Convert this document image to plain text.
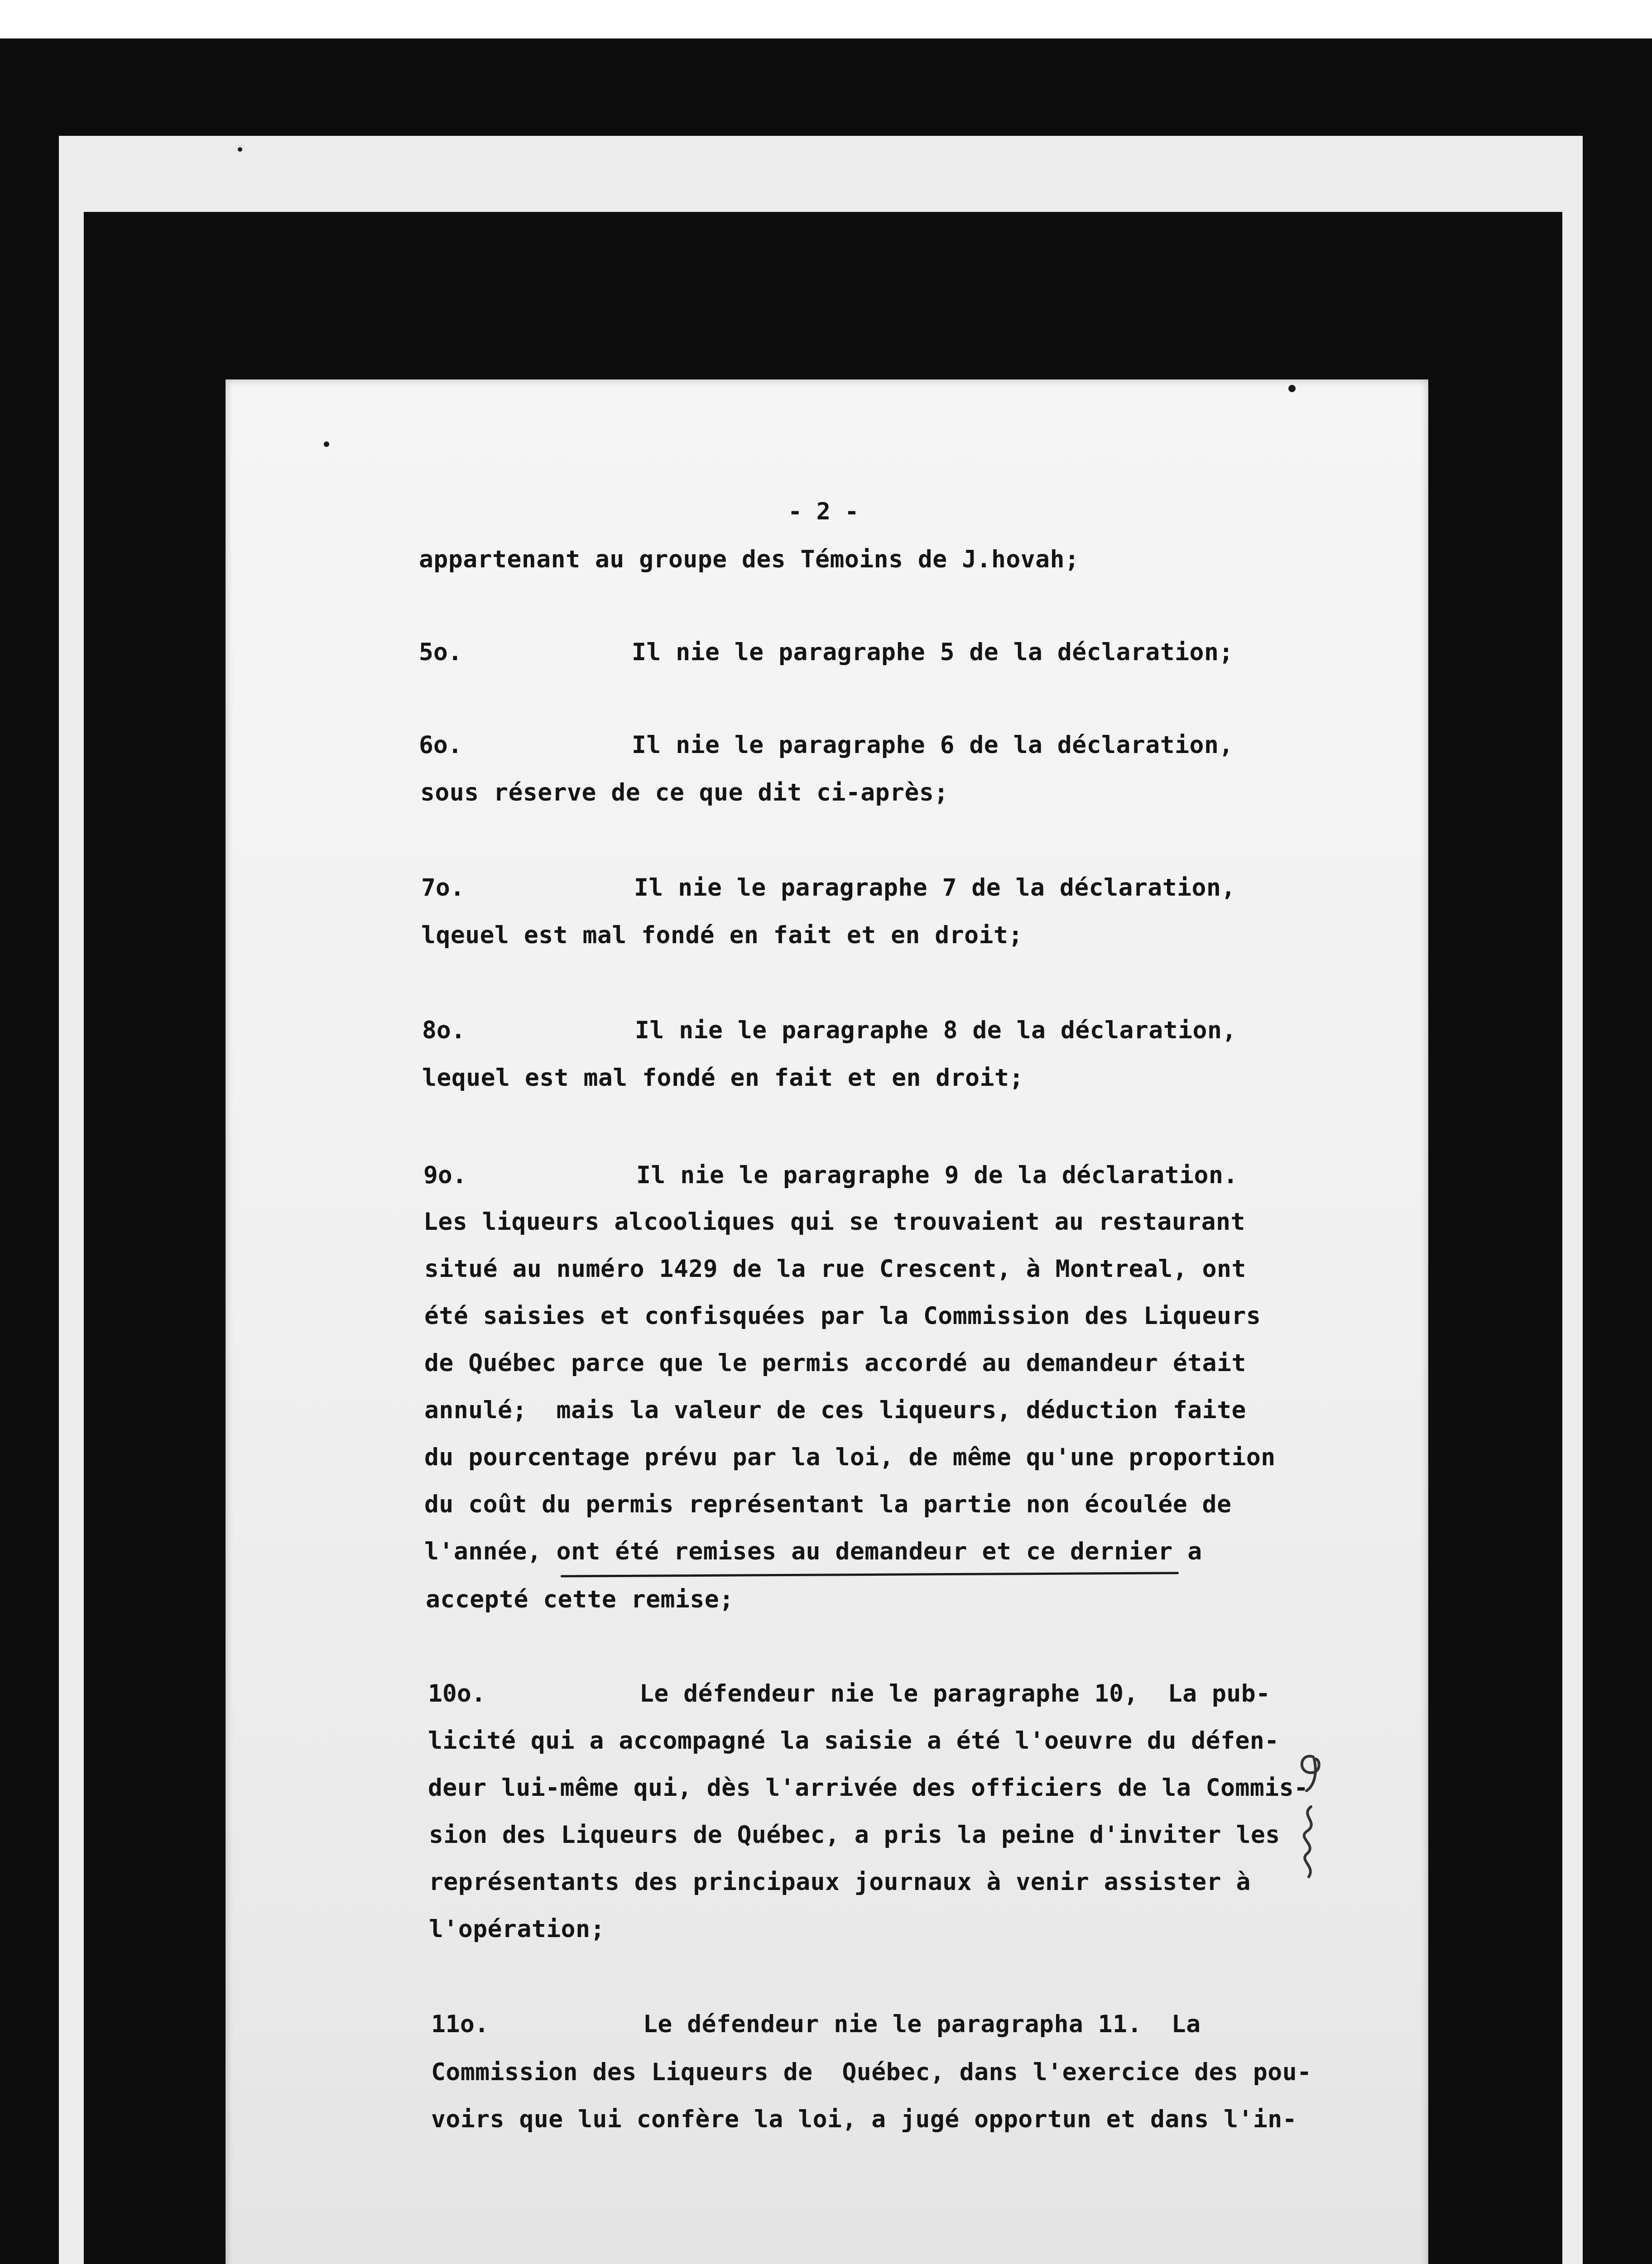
- 2 -
appartenant au groupe des Témoins de J.hovah;
5o.	Il nie le paragraphe 5 de la déclaration;
6o.	Il nie le paragraphe 6 de la déclaration,
sous réserve de ce que dit ci-après;
7o.	Il nie le paragraphe 7 de la déclaration,
lqeuel est mal fondé en fait et en droit;
8o.	Il nie le paragraphe 8 de la déclaration,
lequel est mal fondé en fait et en droit;
9o.	Il nie le paragraphe 9 de la déclaration.
Les liqueurs alcooliques qui se trouvaient au restaurant
situé au numéro 1429 de la rue Crescent, à Montreal, ont
été saisies et confisquées par la Commission des Liqueurs
de Québec parce que le permis accordé au demandeur était
annulé;  mais la valeur de ces liqueurs, déduction faite
du pourcentage prévu par la loi, de même qu'une proportion
du coût du permis représentant la partie non écoulée de
l'année, ont été remises au demandeur et ce dernier a
accepté cette remise;
10o.	Le défendeur nie le paragraphe 10,  La pub-
licité qui a accompagné la saisie a été l'oeuvre du défen-
deur lui-même qui, dès l'arrivée des officiers de la Commis-
sion des Liqueurs de Québec, a pris la peine d'inviter les
représentants des principaux journaux à venir assister à
l'opération;
11o.	Le défendeur nie le paragrapha 11.  La
Commission des Liqueurs de  Québec, dans l'exercice des pou-
voirs que lui confère la loi, a jugé opportun et dans l'in-
